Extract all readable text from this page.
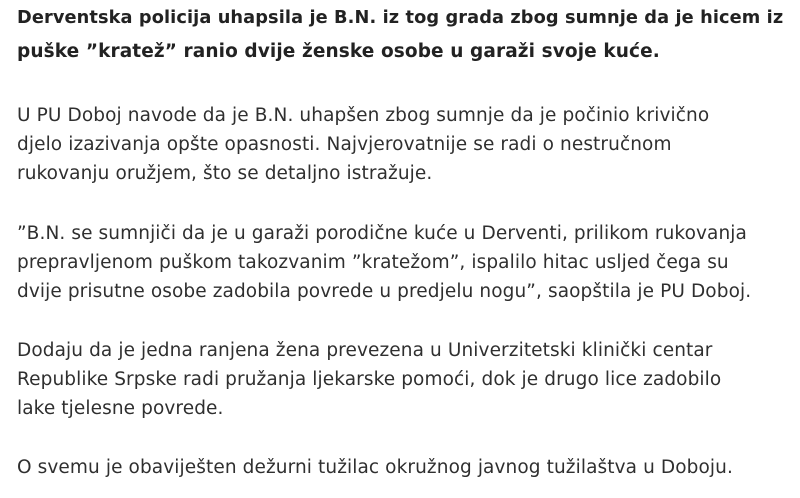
Derventska policija uhapsila je B.N. iz tog grada zbog sumnje da je hicem iz
puške ”kratež” ranio dvije ženske osobe u garaži svoje kuće.

U PU Doboj navode da je B.N. uhapšen zbog sumnje da je počinio krivično
djelo izazivanja opšte opasnosti. Najvjerovatnije se radi o nestručnom
rukovanju oružjem, što se detaljno istražuje.

”B.N. se sumnjiči da je u garaži porodične kuće u Derventi, prilikom rukovanja
prepravljenom puškom takozvanim ”kratežom”, ispalilo hitac usljed čega su
dvije prisutne osobe zadobila povrede u predjelu nogu”, saopštila je PU Doboj.

Dodaju da je jedna ranjena žena prevezena u Univerzitetski klinički centar
Republike Srpske radi pružanja ljekarske pomoći, dok je drugo lice zadobilo
lake tjelesne povrede.

O svemu je obaviješten dežurni tužilac okružnog javnog tužilaštva u Doboju.
